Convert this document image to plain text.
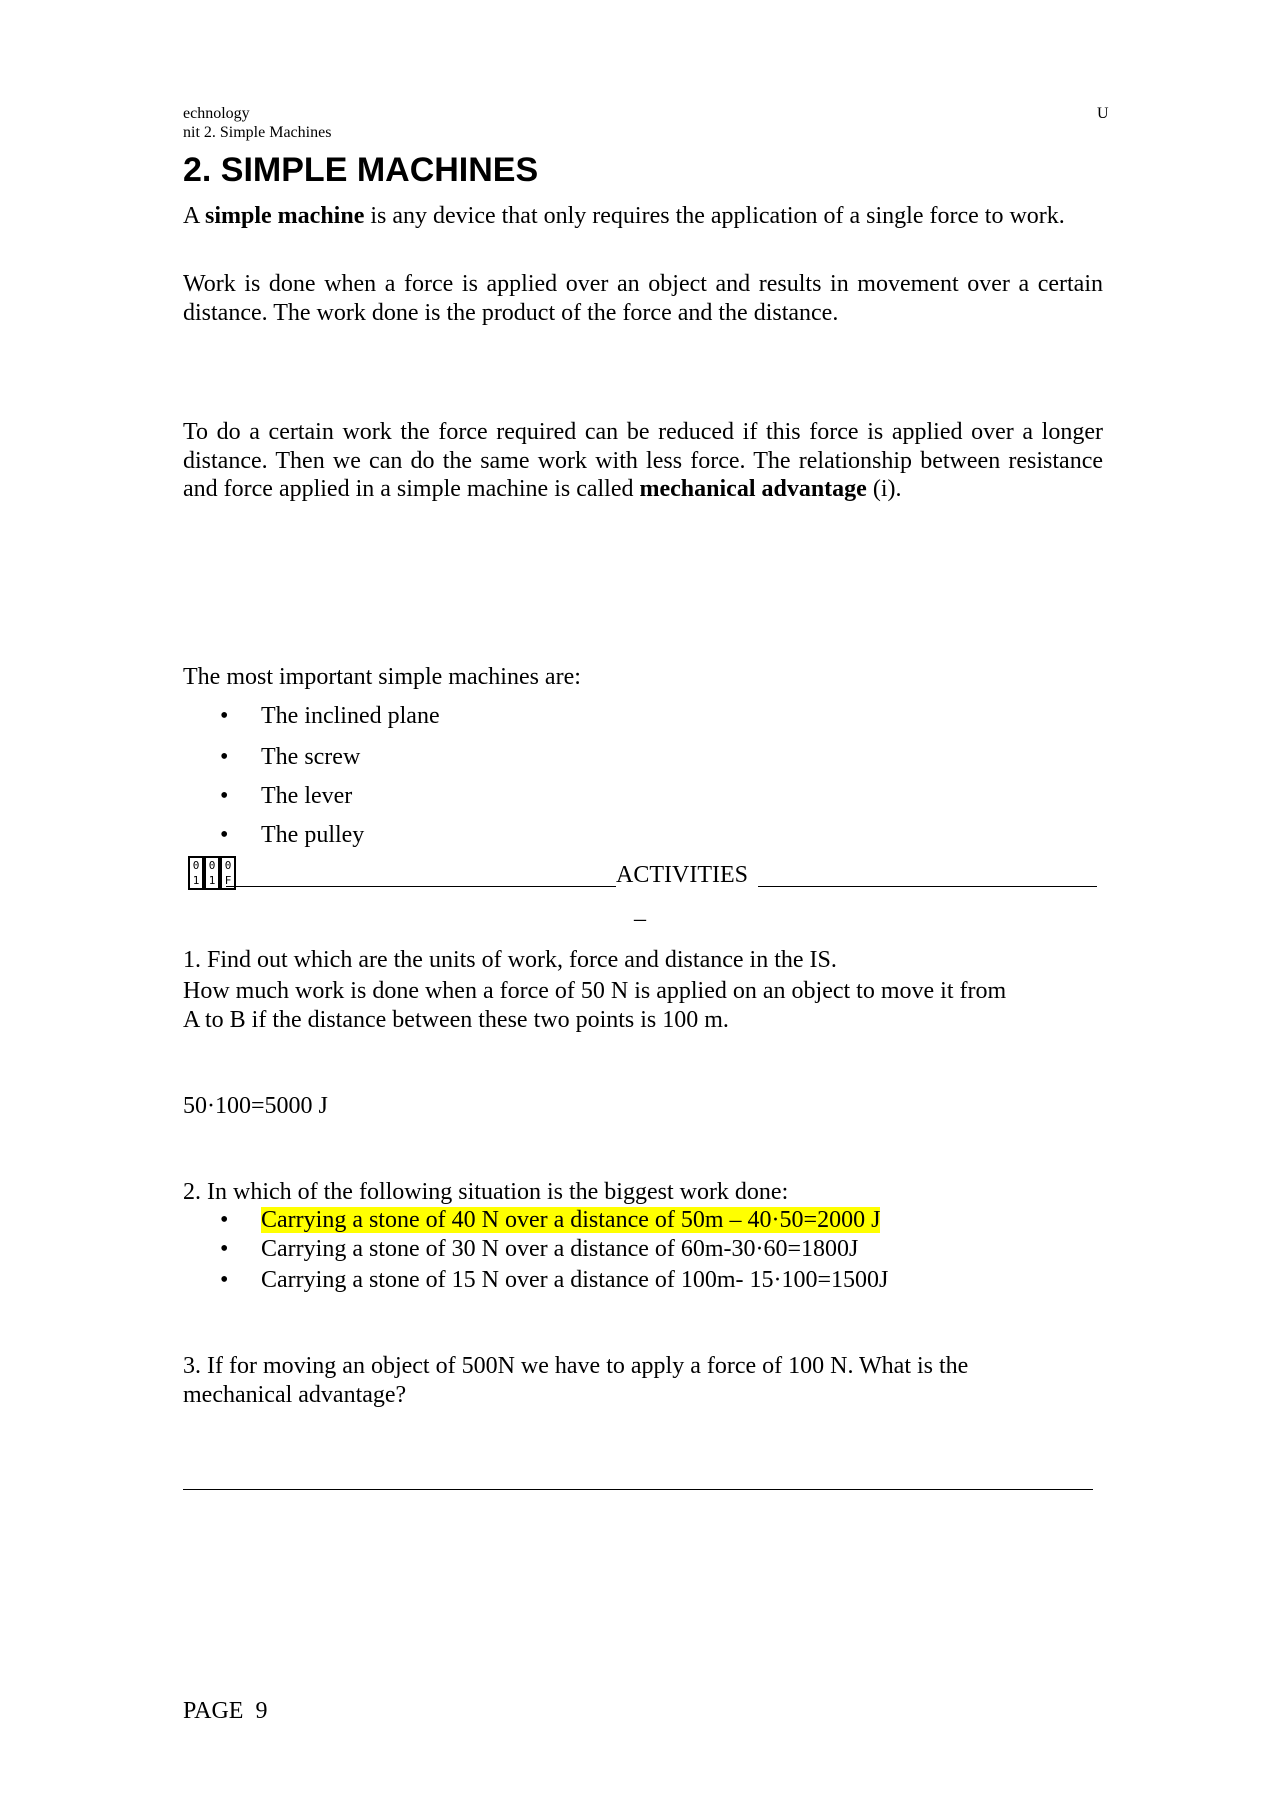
echnology
nit 2. Simple Machines
U
2. SIMPLE MACHINES
A simple machine is any device that only requires the application of a single force to work.
Work is done when a force is applied over an object and results in movement over a certain distance. The work done is the product of the force and the distance.
To do a certain work the force required can be reduced if this force is applied over a longer distance. Then we can do the same work with less force. The relationship between resistance and force applied in a simple machine is called mechanical advantage (i).
The most important simple machines are:
• The inclined plane
• The screw
• The lever
• The pulley
0 10 10 F	ACTIVITIES
_
1. Find out which are the units of work, force and distance in the IS.
How much work is done when a force of 50 N is applied on an object to move it from
A to B if the distance between these two points is 100 m.
50·100=5000 J
2. In which of the following situation is the biggest work done:
• Carrying a stone of 40 N over a distance of 50m – 40·50=2000 J
• Carrying a stone of 30 N over a distance of 60m-30·60=1800J
• Carrying a stone of 15 N over a distance of 100m- 15·100=1500J
3. If for moving an object of 500N we have to apply a force of 100 N. What is the
mechanical advantage?
PAGE 9
